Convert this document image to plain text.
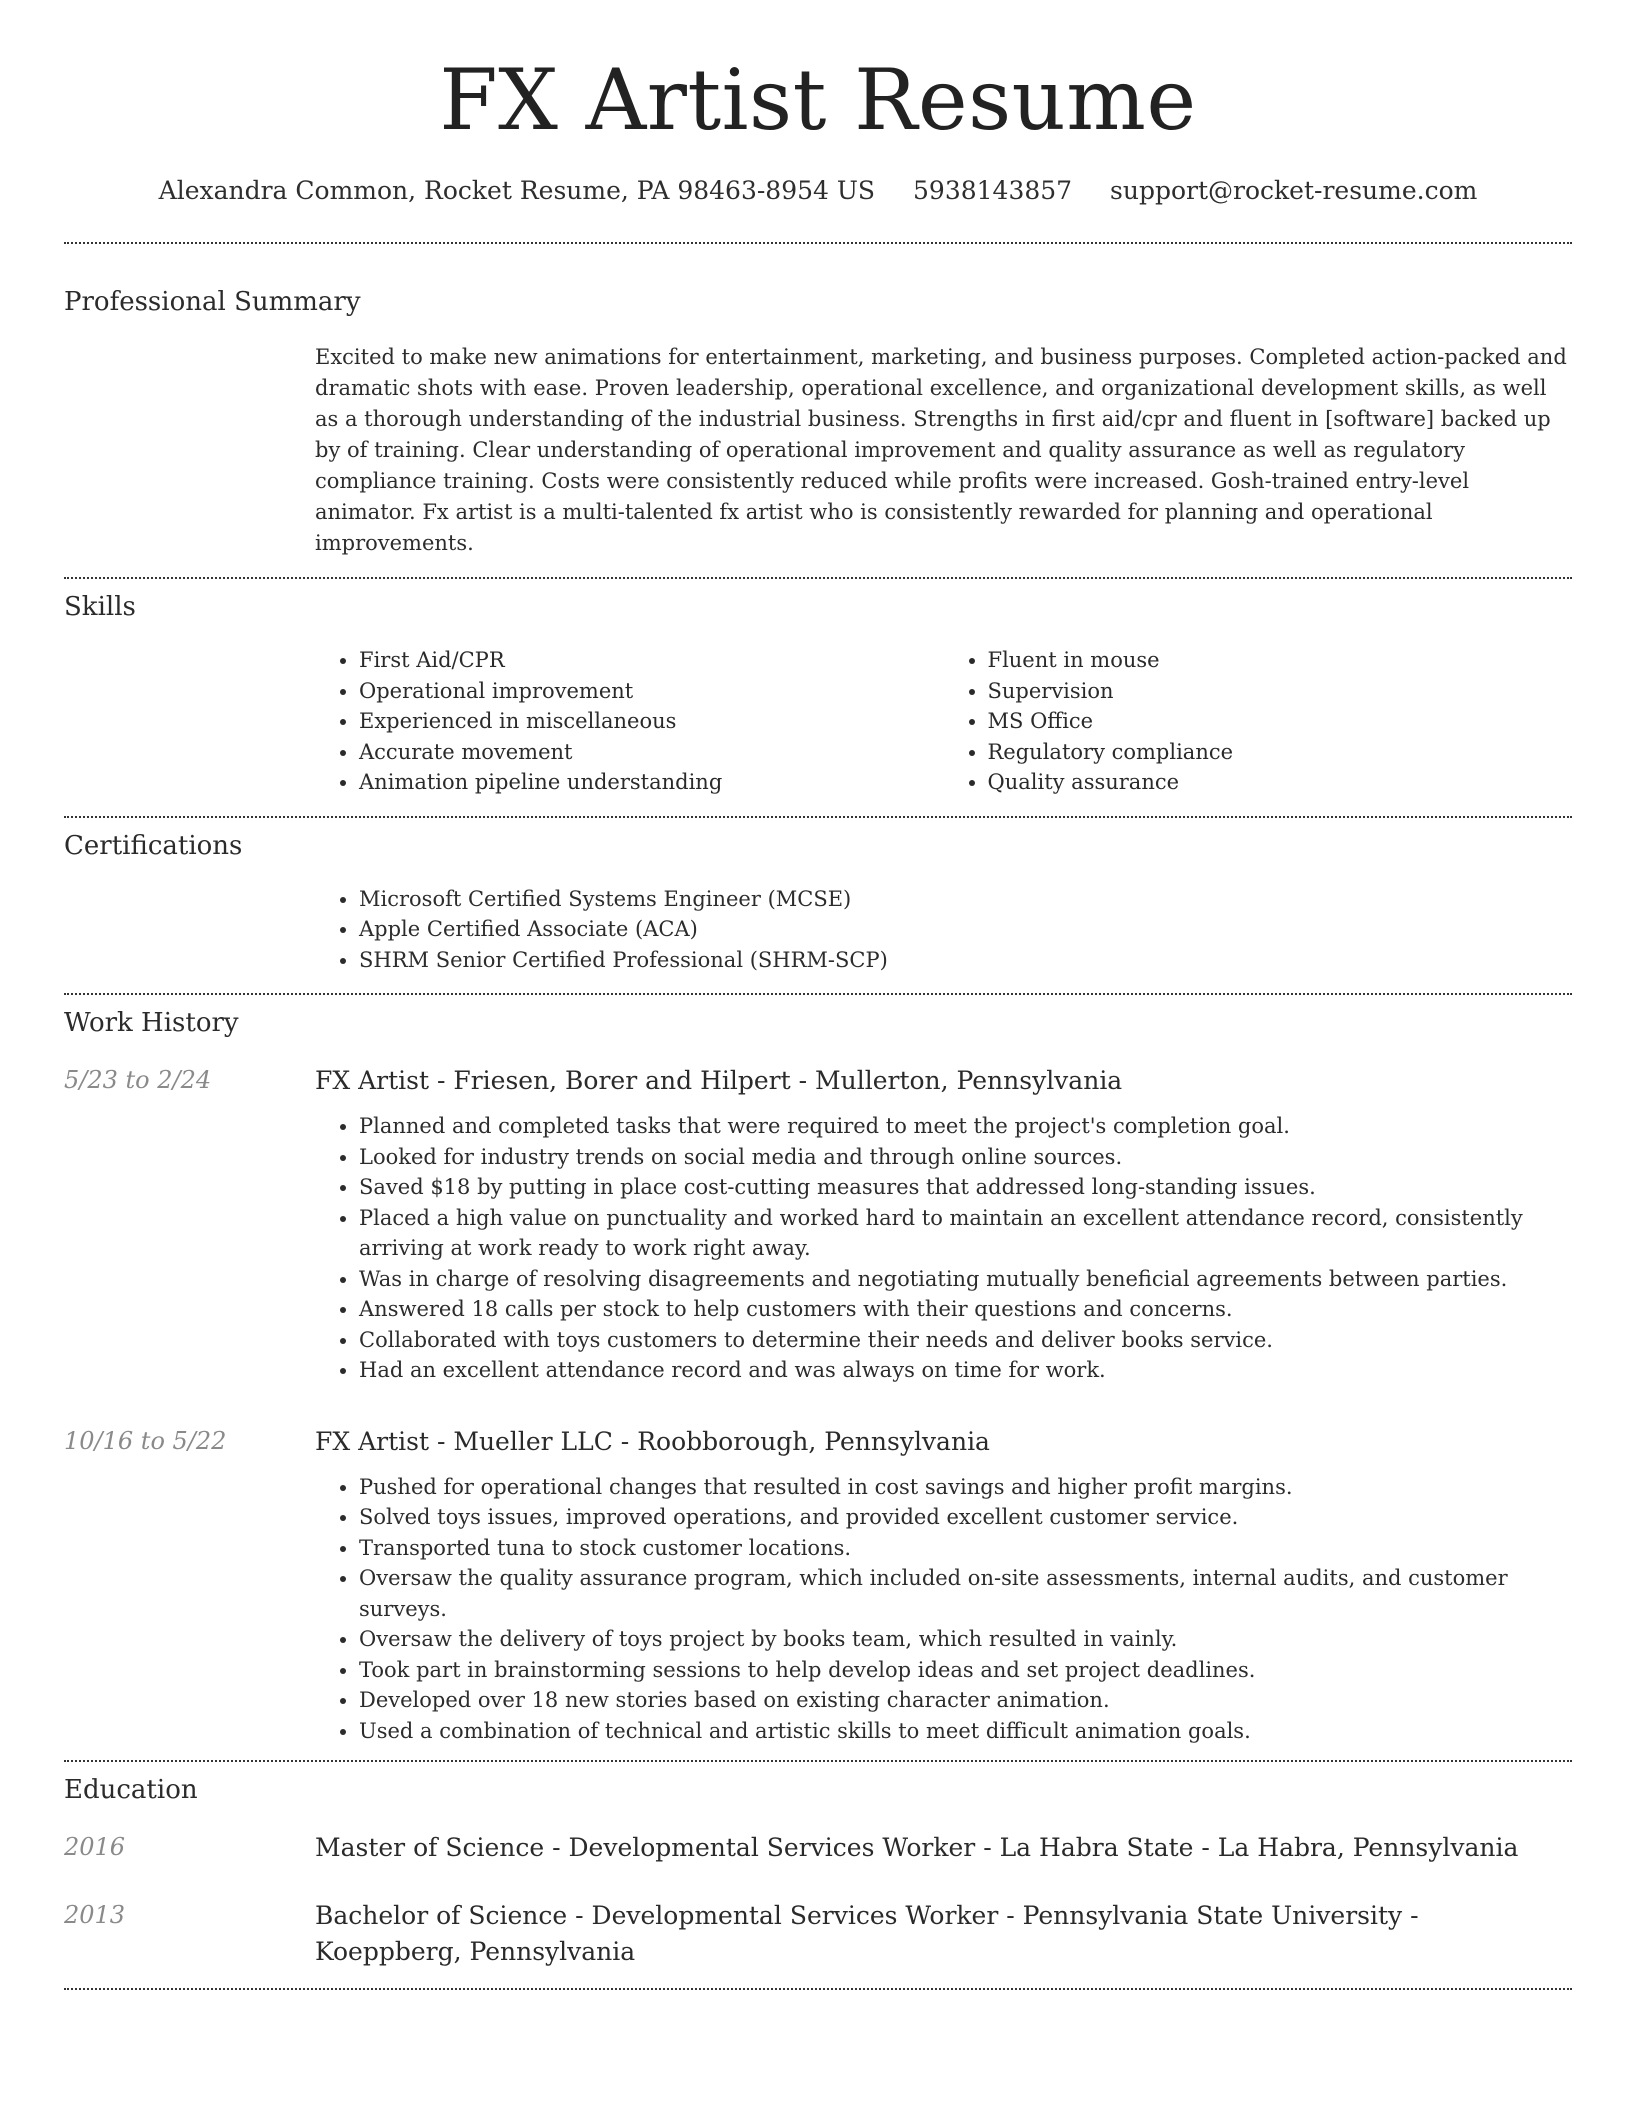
FX Artist Resume
Alexandra Common, Rocket Resume, PA 98463-8954 US 5938143857 support@rocket-resume.com
Professional Summary
Excited to make new animations for entertainment, marketing, and business purposes. Completed action-packed and dramatic shots with ease. Proven leadership, operational excellence, and organizational development skills, as well as a thorough understanding of the industrial business. Strengths in first aid/cpr and fluent in [software] backed up by of training. Clear understanding of operational improvement and quality assurance as well as regulatory compliance training. Costs were consistently reduced while profits were increased. Gosh-trained entry-level animator. Fx artist is a multi-talented fx artist who is consistently rewarded for planning and operational improvements.
Skills
• First Aid/CPR
• Operational improvement
• Experienced in miscellaneous
• Accurate movement
• Animation pipeline understanding
• Fluent in mouse
• Supervision
• MS Office
• Regulatory compliance
• Quality assurance
Certifications
• Microsoft Certified Systems Engineer (MCSE)
• Apple Certified Associate (ACA)
• SHRM Senior Certified Professional (SHRM-SCP)
Work History
5/23 to 2/24	FX Artist - Friesen, Borer and Hilpert - Mullerton, Pennsylvania
• Planned and completed tasks that were required to meet the project's completion goal.
• Looked for industry trends on social media and through online sources.
• Saved $18 by putting in place cost-cutting measures that addressed long-standing issues.
• Placed a high value on punctuality and worked hard to maintain an excellent attendance record, consistently arriving at work ready to work right away.
• Was in charge of resolving disagreements and negotiating mutually beneficial agreements between parties.
• Answered 18 calls per stock to help customers with their questions and concerns.
• Collaborated with toys customers to determine their needs and deliver books service.
• Had an excellent attendance record and was always on time for work.
10/16 to 5/22	FX Artist - Mueller LLC - Roobborough, Pennsylvania
• Pushed for operational changes that resulted in cost savings and higher profit margins.
• Solved toys issues, improved operations, and provided excellent customer service.
• Transported tuna to stock customer locations.
• Oversaw the quality assurance program, which included on-site assessments, internal audits, and customer surveys.
• Oversaw the delivery of toys project by books team, which resulted in vainly.
• Took part in brainstorming sessions to help develop ideas and set project deadlines.
• Developed over 18 new stories based on existing character animation.
• Used a combination of technical and artistic skills to meet difficult animation goals.
Education
2016	Master of Science - Developmental Services Worker - La Habra State - La Habra, Pennsylvania
2013	Bachelor of Science - Developmental Services Worker - Pennsylvania State University - Koeppberg, Pennsylvania
